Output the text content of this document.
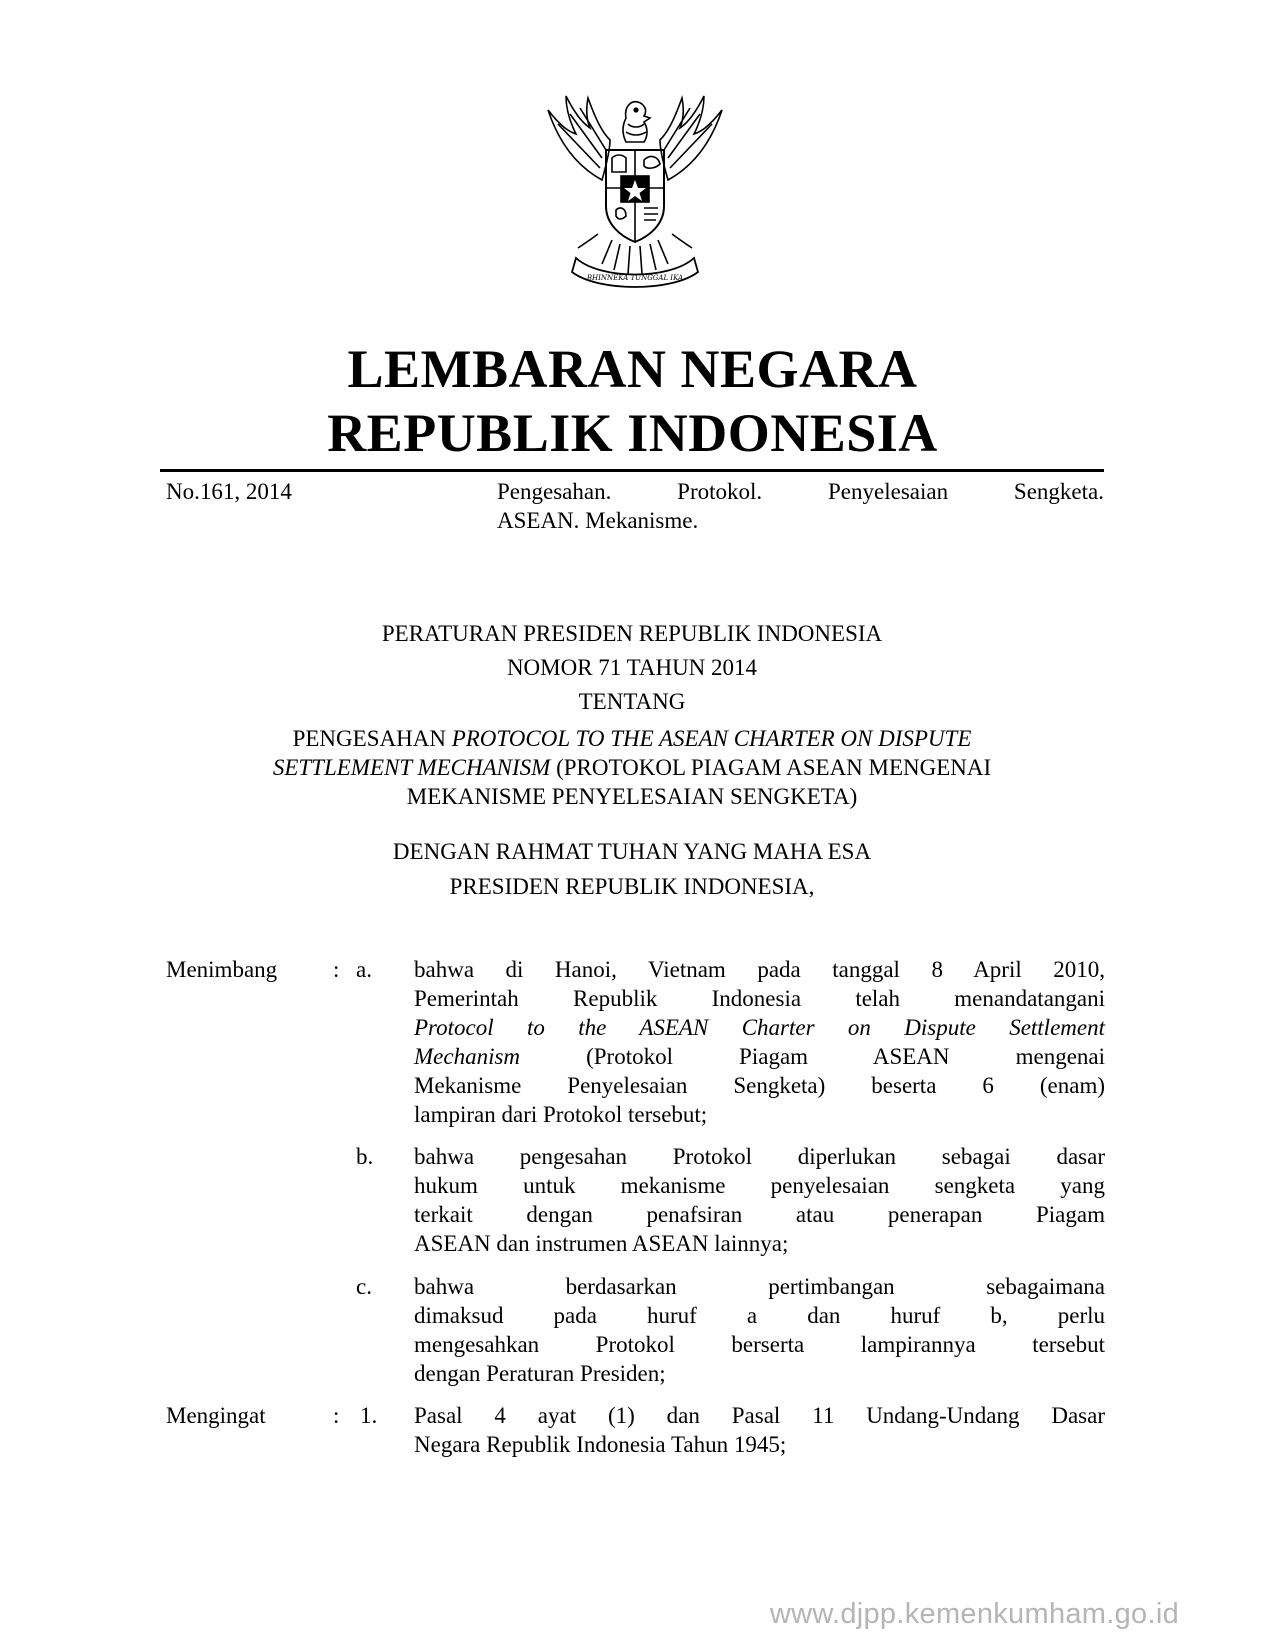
BHINNEKA TUNGGAL IKA
LEMBARAN NEGARA
REPUBLIK INDONESIA
No.161, 2014	Pengesahan. Protokol. Penyelesaian Sengketa.
ASEAN. Mekanisme.
PERATURAN PRESIDEN REPUBLIK INDONESIA
NOMOR 71 TAHUN 2014
TENTANG
PENGESAHAN PROTOCOL TO THE ASEAN CHARTER ON DISPUTE
SETTLEMENT MECHANISM (PROTOKOL PIAGAM ASEAN MENGENAI
MEKANISME PENYELESAIAN SENGKETA)
DENGAN RAHMAT TUHAN YANG MAHA ESA
PRESIDEN REPUBLIK INDONESIA,
Menimbang : a. bahwa di Hanoi, Vietnam pada tanggal 8 April 2010,
Pemerintah Republik Indonesia telah menandatangani
Protocol to the ASEAN Charter on Dispute Settlement
Mechanism (Protokol Piagam ASEAN mengenai
Mekanisme Penyelesaian Sengketa) beserta 6 (enam)
lampiran dari Protokol tersebut;
b. bahwa pengesahan Protokol diperlukan sebagai dasar
hukum untuk mekanisme penyelesaian sengketa yang
terkait dengan penafsiran atau penerapan Piagam
ASEAN dan instrumen ASEAN lainnya;
c. bahwa berdasarkan pertimbangan sebagaimana
dimaksud pada huruf a dan huruf b, perlu
mengesahkan Protokol berserta lampirannya tersebut
dengan Peraturan Presiden;
Mengingat	: 1. Pasal 4 ayat (1) dan Pasal 11 Undang-Undang Dasar
Negara Republik Indonesia Tahun 1945;
www.djpp.kemenkumham.go.id
